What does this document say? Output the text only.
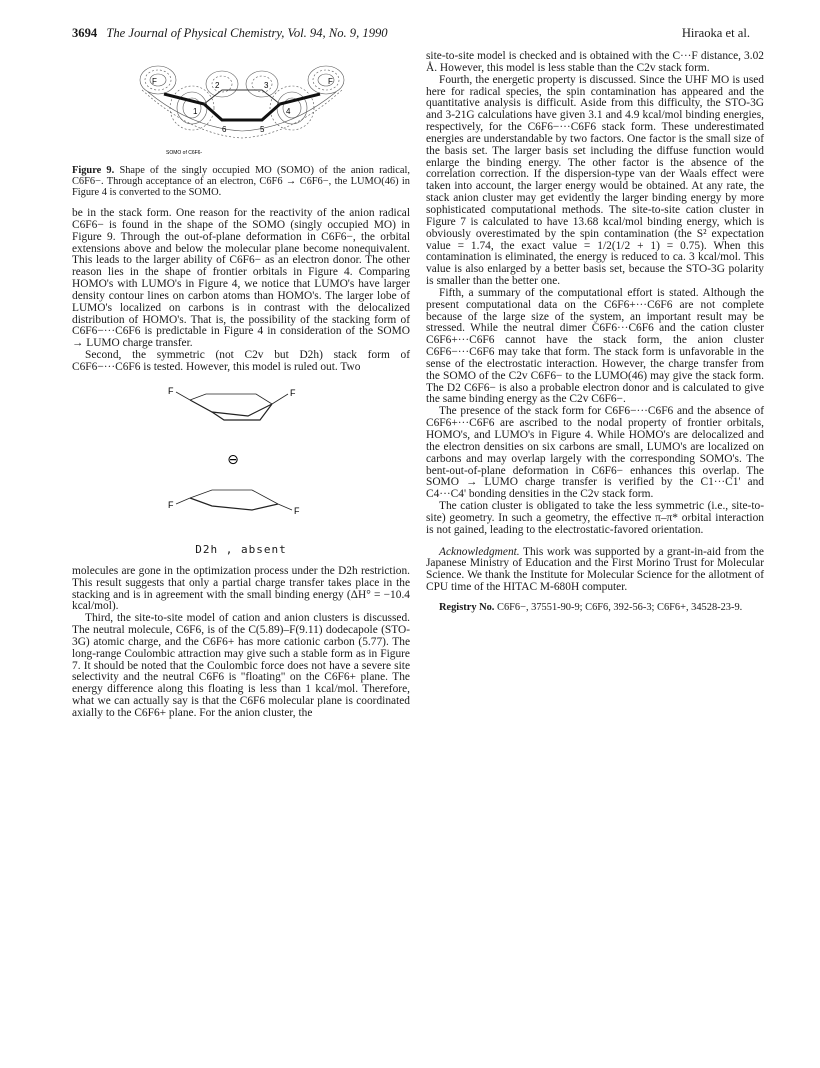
3694 The Journal of Physical Chemistry, Vol. 94, No. 9, 1990	Hiraoka et al.
F	F
1
2	3
4
5
6
SOMO of C6F6-
Figure 9. Shape of the singly occupied MO (SOMO) of the anion radical, C6F6−. Through acceptance of an electron, C6F6 → C6F6−, the LUMO(46) in Figure 4 is converted to the SOMO.

be in the stack form. One reason for the reactivity of the anion radical C6F6− is found in the shape of the SOMO (singly occupied MO) in Figure 9. Through the out-of-plane deformation in C6F6−, the orbital extensions above and below the molecular plane become nonequivalent. This leads to the larger ability of C6F6− as an electron donor. The other reason lies in the shape of frontier orbitals in Figure 4. Comparing HOMO's with LUMO's in Figure 4, we notice that LUMO's have larger density contour lines on carbon atoms than HOMO's. The larger lobe of LUMO's localized on carbons is in contrast with the delocalized distribution of HOMO's. That is, the possibility of the stacking form of C6F6−···C6F6 is predictable in Figure 4 in consideration of the SOMO → LUMO charge transfer.

Second, the symmetric (not C2v but D2h) stack form of C6F6−···C6F6 is tested. However, this model is ruled out. Two

F	F
⊖
F
F
D2h , absent

molecules are gone in the optimization process under the D2h restriction. This result suggests that only a partial charge transfer takes place in the stacking and is in agreement with the small binding energy (ΔH° = −10.4 kcal/mol).

Third, the site-to-site model of cation and anion clusters is discussed. The neutral molecule, C6F6, is of the C(5.89)–F(9.11) dodecapole (STO-3G) atomic charge, and the C6F6+ has more cationic carbon (5.77). The long-range Coulombic attraction may give such a stable form as in Figure 7. It should be noted that the Coulombic force does not have a severe site selectivity and the neutral C6F6 is "floating" on the C6F6+ plane. The energy difference along this floating is less than 1 kcal/mol. Therefore, what we can actually say is that the C6F6 molecular plane is coordinated axially to the C6F6+ plane. For the anion cluster, the

site-to-site model is checked and is obtained with the C···F distance, 3.02 Å. However, this model is less stable than the C2v stack form.

Fourth, the energetic property is discussed. Since the UHF MO is used here for radical species, the spin contamination has appeared and the quantitative analysis is difficult. Aside from this difficulty, the STO-3G and 3-21G calculations have given 3.1 and 4.9 kcal/mol binding energies, respectively, for the C6F6−···C6F6 stack form. These underestimated energies are understandable by two factors. One factor is the small size of the basis set. The larger basis set including the diffuse function would enlarge the binding energy. The other factor is the absence of the correlation correction. If the dispersion-type van der Waals effect were taken into account, the larger energy would be obtained. At any rate, the stack anion cluster may get evidently the larger binding energy by more sophisticated computational methods. The site-to-site cation cluster in Figure 7 is calculated to have 13.68 kcal/mol binding energy, which is obviously overestimated by the spin contamination (the S² expectation value = 1.74, the exact value = 1/2(1/2 + 1) = 0.75). When this contamination is eliminated, the energy is reduced to ca. 3 kcal/mol. This value is also enlarged by a better basis set, because the STO-3G polarity is smaller than the better one.

Fifth, a summary of the computational effort is stated. Although the present computational data on the C6F6+···C6F6 are not complete because of the large size of the system, an important result may be stressed. While the neutral dimer C6F6···C6F6 and the cation cluster C6F6+···C6F6 cannot have the stack form, the anion cluster C6F6−···C6F6 may take that form. The stack form is unfavorable in the sense of the electrostatic interaction. However, the charge transfer from the SOMO of the C2v C6F6− to the LUMO(46) may give the stack form. The D2 C6F6− is also a probable electron donor and is calculated to give the same binding energy as the C2v C6F6−.

The presence of the stack form for C6F6−···C6F6 and the absence of C6F6+···C6F6 are ascribed to the nodal property of frontier orbitals, HOMO's, and LUMO's in Figure 4. While HOMO's are delocalized and the electron densities on six carbons are small, LUMO's are localized on carbons and may overlap largely with the corresponding SOMO's. The bent-out-of-plane deformation in C6F6− enhances this overlap. The SOMO → LUMO charge transfer is verified by the C1···C1' and C4···C4' bonding densities in the C2v stack form.

The cation cluster is obligated to take the less symmetric (i.e., site-to-site) geometry. In such a geometry, the effective π–π* orbital interaction is not gained, leading to the electrostatic-favored orientation.

Acknowledgment. This work was supported by a grant-in-aid from the Japanese Ministry of Education and the First Morino Trust for Molecular Science. We thank the Institute for Molecular Science for the allotment of CPU time of the HITAC M-680H computer.

Registry No. C6F6−, 37551-90-9; C6F6, 392-56-3; C6F6+, 34528-23-9.
